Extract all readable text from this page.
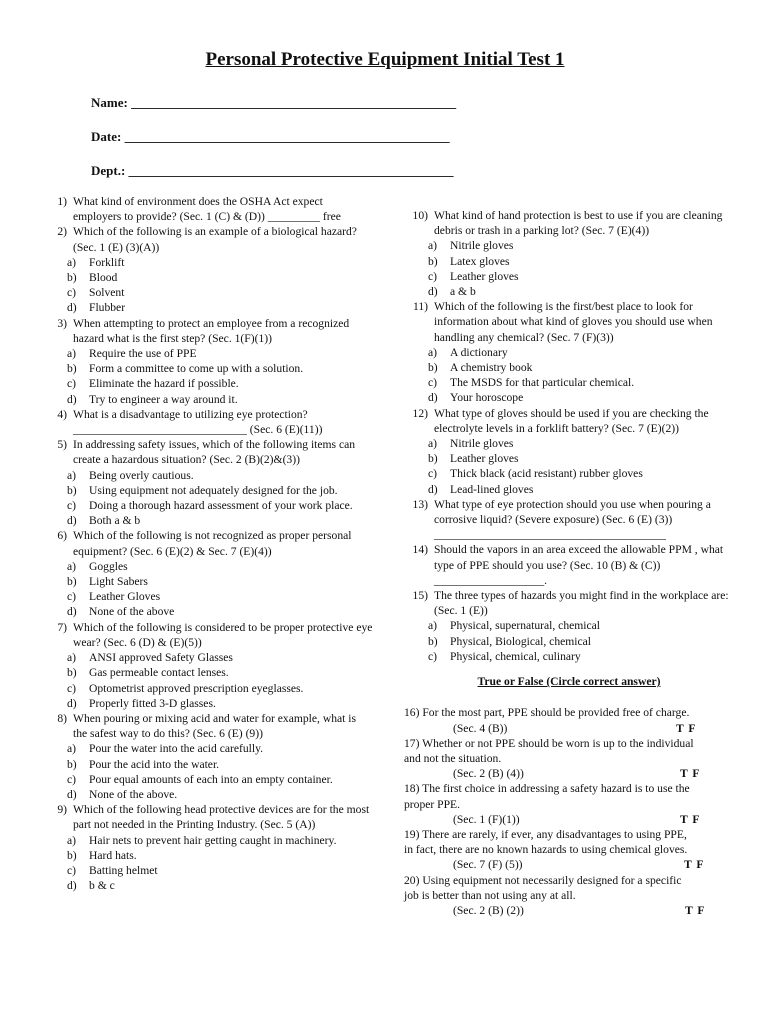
Personal Protective Equipment Initial Test 1
Name: __________________________________________________
Date: __________________________________________________
Dept.: __________________________________________________
1) What kind of environment does the OSHA Act expect employers to provide? (Sec. 1 (C) & (D)) _________ free
2) Which of the following is an example of a biological hazard? (Sec. 1 (E) (3)(A))
a)	Forklift
b)	Blood
c)	Solvent
d)	Flubber
3) When attempting to protect an employee from a recognized hazard what is the first step? (Sec. 1(F)(1))
a)	Require the use of PPE
b)	Form a committee to come up with a solution.
c)	Eliminate the hazard if possible.
d)	Try to engineer a way around it.
4) What is a disadvantage to utilizing eye protection? ______________________________ (Sec. 6 (E)(11))
5) In addressing safety issues, which of the following items can create a hazardous situation? (Sec. 2 (B)(2)&(3))
a)	Being overly cautious.
b)	Using equipment not adequately designed for the job.
c)	Doing a thorough hazard assessment of your work place.
d)	Both a & b
6) Which of the following is not recognized as proper personal equipment? (Sec. 6 (E)(2) & Sec. 7 (E)(4))
a)	Goggles
b)	Light Sabers
c)	Leather Gloves
d)	None of the above
7) Which of the following is considered to be proper protective eye wear? (Sec. 6 (D) & (E)(5))
a)	ANSI approved Safety Glasses
b)	Gas permeable contact lenses.
c)	Optometrist approved prescription eyeglasses.
d)	Properly fitted 3-D glasses.
8) When pouring or mixing acid and water for example, what is the safest way to do this? (Sec. 6 (E) (9))
a)	Pour the water into the acid carefully.
b)	Pour the acid into the water.
c)	Pour equal amounts of each into an empty container.
d)	None of the above.
9) Which of the following head protective devices are for the most part not needed in the Printing Industry. (Sec. 5 (A))
a)	Hair nets to prevent hair getting caught in machinery.
b)	Hard hats.
c)	Batting helmet
d)	b & c
10) What kind of hand protection is best to use if you are cleaning debris or trash in a parking lot? (Sec. 7 (E)(4))
a)	Nitrile gloves
b)	Latex gloves
c)	Leather gloves
d)	a & b
11) Which of the following is the first/best place to look for information about what kind of gloves you should use when handling any chemical? (Sec. 7 (F)(3))
a)	A dictionary
b)	A chemistry book
c)	The MSDS for that particular chemical.
d)	Your horoscope
12) What type of gloves should be used if you are checking the electrolyte levels in a forklift battery? (Sec. 7 (E)(2))
a)	Nitrile gloves
b)	Leather gloves
c)	Thick black (acid resistant) rubber gloves
d)	Lead-lined gloves
13) What type of eye protection should you use when pouring a corrosive liquid? (Severe exposure) (Sec. 6 (E) (3)) ________________________________________
14) Should the vapors in an area exceed the allowable PPM , what type of PPE should you use? (Sec. 10 (B) & (C)) ___________________.
15) The three types of hazards you might find in the workplace are: (Sec. 1 (E))
a)	Physical, supernatural, chemical
b)	Physical, Biological, chemical
c)	Physical, chemical, culinary
True or False (Circle correct answer)
16) For the most part, PPE should be provided free of charge.
(Sec. 4 (B))	T F
17) Whether or not PPE should be worn is up to the individual
and not the situation.
(Sec. 2 (B) (4))	T F
18) The first choice in addressing a safety hazard is to use the
proper PPE.
(Sec. 1 (F)(1))	T F
19) There are rarely, if ever, any disadvantages to using PPE,
in fact, there are no known hazards to using chemical gloves.
(Sec. 7 (F) (5))	T F
20) Using equipment not necessarily designed for a specific
job is better than not using any at all.
(Sec. 2 (B) (2))	T F
